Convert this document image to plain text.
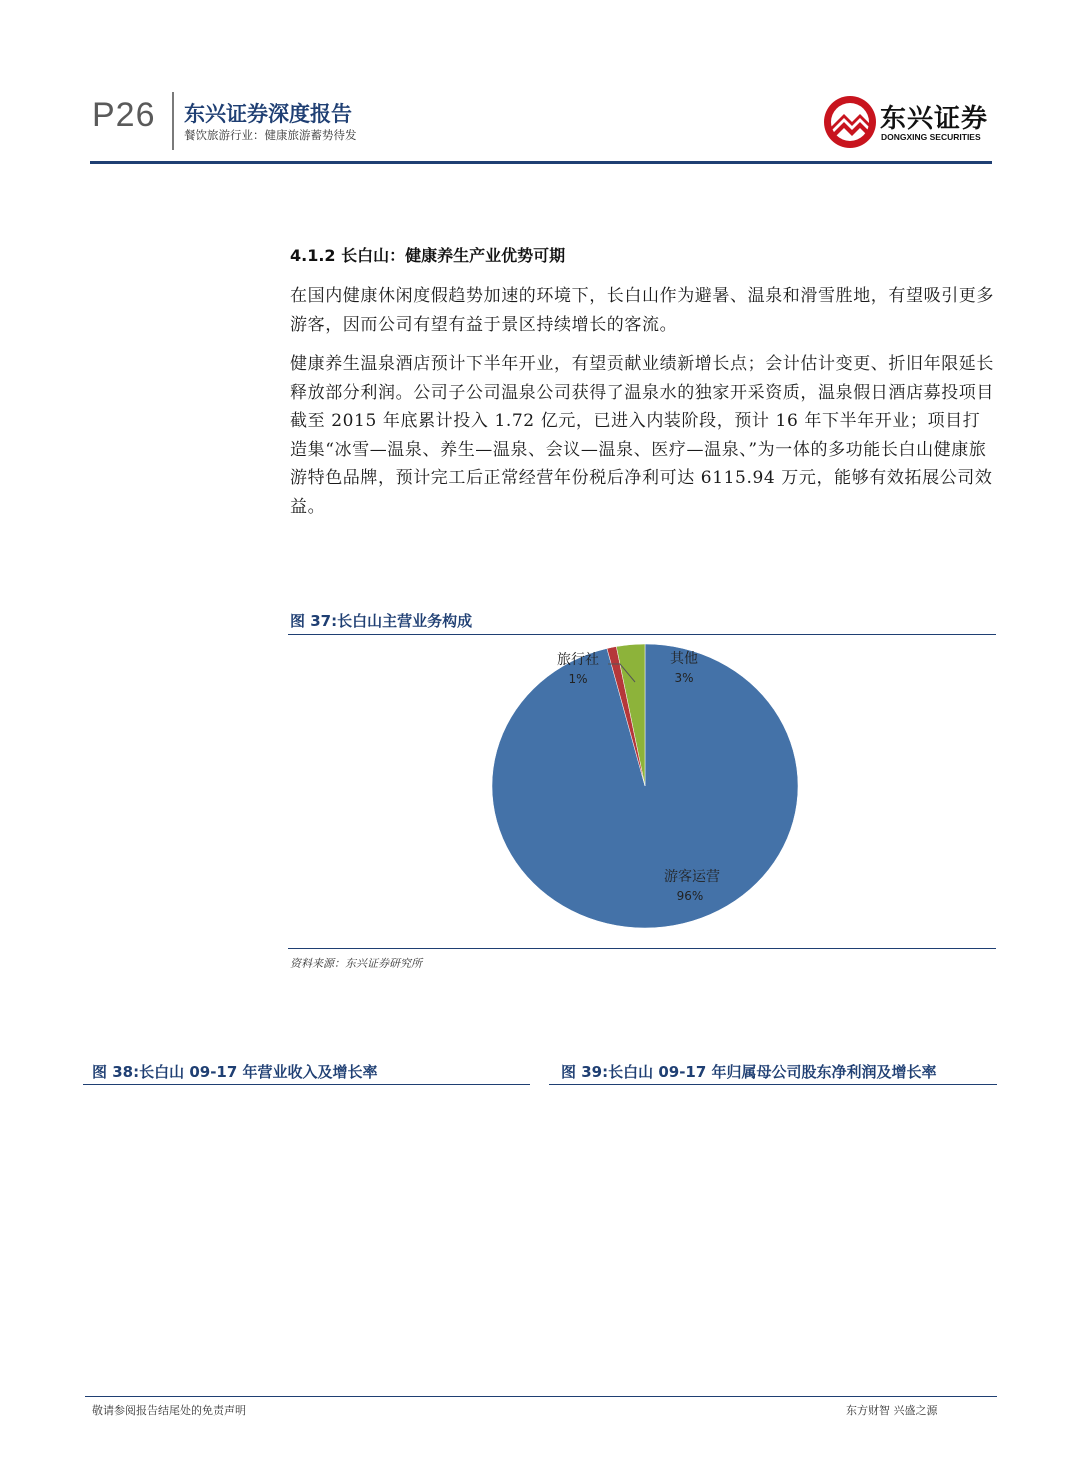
P26 东兴证券深度报告
餐饮旅游行业：健康旅游蓄势待发
东兴证券
DONGXING SECURITIES
4.1.2 长白山：健康养生产业优势可期

在国内健康休闲度假趋势加速的环境下，长白山作为避暑、温泉和滑雪胜地，有望吸引更多游客，因而公司有望有益于景区持续增长的客流。

健康养生温泉酒店预计下半年开业，有望贡献业绩新增长点；会计估计变更、折旧年限延长释放部分利润。公司子公司温泉公司获得了温泉水的独家开采资质，温泉假日酒店募投项目截至 2015 年底累计投入 1.72 亿元，已进入内装阶段，预计 16 年下半年开业；项目打造集“冰雪—温泉、养生—温泉、会议—温泉、医疗—温泉、”为一体的多功能长白山健康旅游特色品牌，预计完工后正常经营年份税后净利可达 6115.94 万元，能够有效拓展公司效益。

图 37:长白山主营业务构成
游客运营
96%
旅行社
1%
其他
3%
资料来源：东兴证券研究所
图 38:长白山 09-17 年营业收入及增长率	图 39:长白山 09-17 年归属母公司股东净利润及增长率
敬请参阅报告结尾处的免责声明	东方财智 兴盛之源
